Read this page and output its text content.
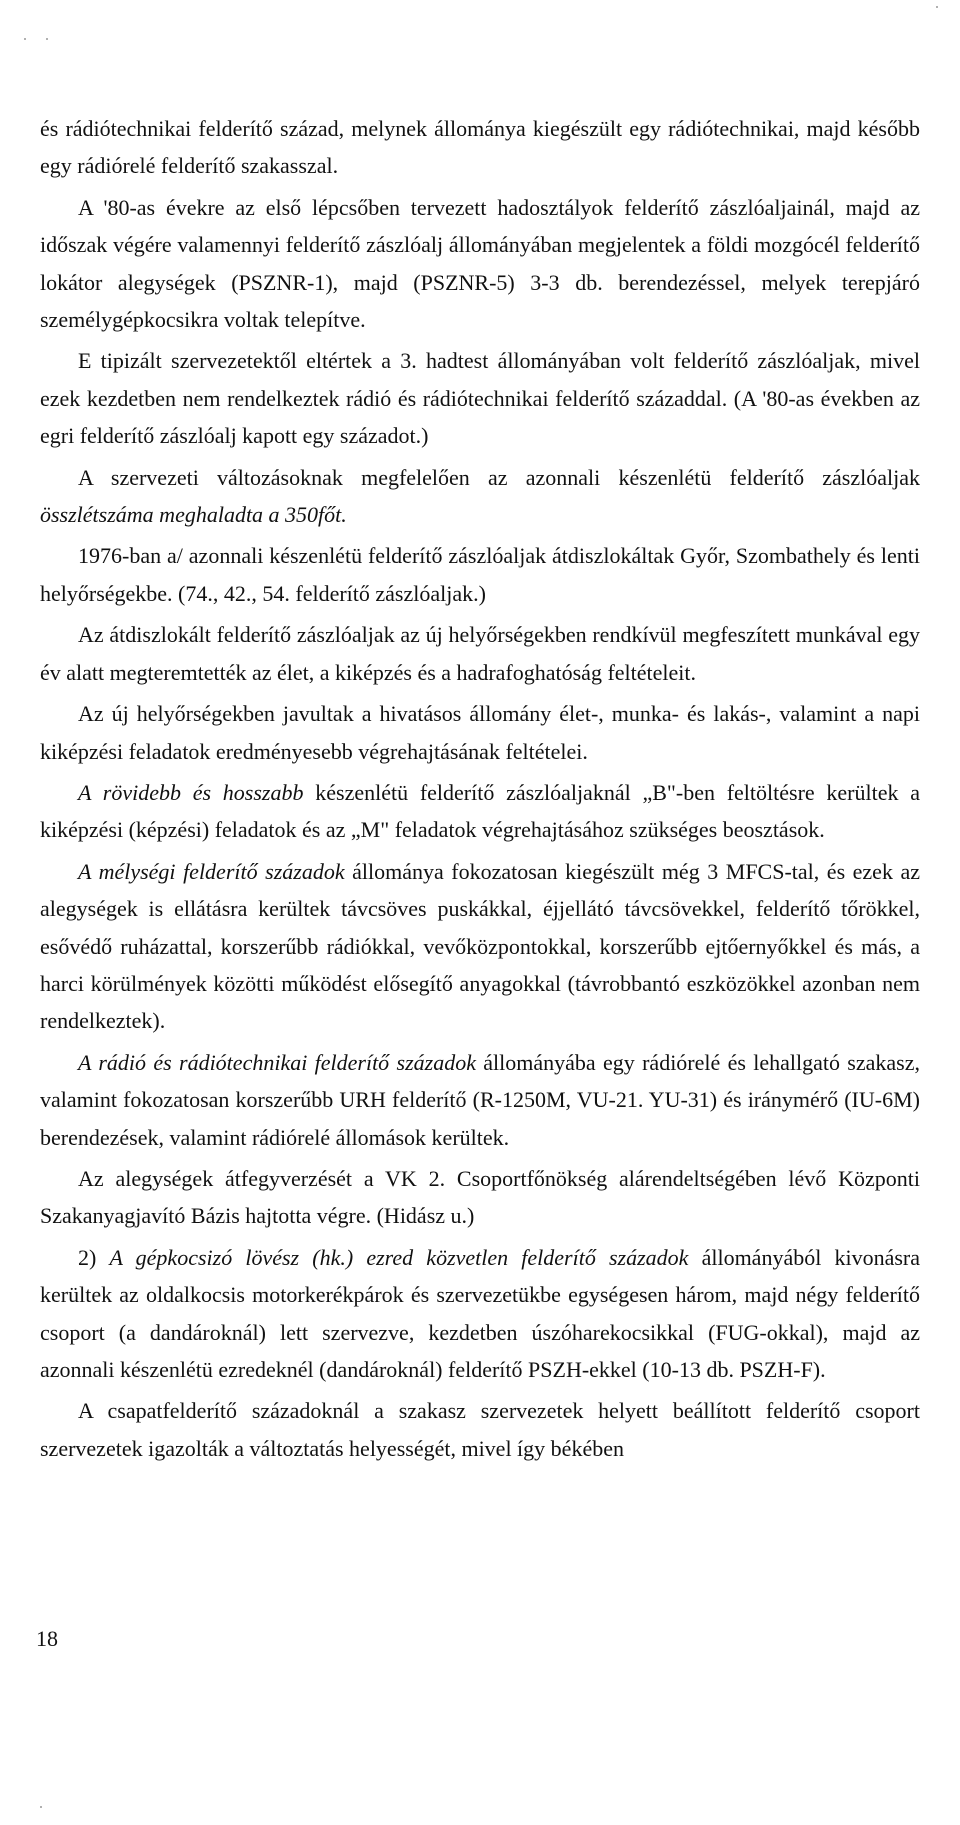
és rádiótechnikai felderítő század, melynek állománya kiegészült egy rádiótechnikai, majd később egy rádiórelé felderítő szakasszal.

A '80-as évekre az első lépcsőben tervezett hadosztályok felderítő zászlóaljainál, majd az időszak végére valamennyi felderítő zászlóalj állományában megjelentek a földi mozgócél felderítő lokátor alegységek (PSZNR-1), majd (PSZNR-5) 3-3 db. berendezéssel, melyek terepjáró személygépkocsikra voltak telepítve.

E tipizált szervezetektől eltértek a 3. hadtest állományában volt felderítő zászlóaljak, mivel ezek kezdetben nem rendelkeztek rádió és rádiótechnikai felderítő századdal. (A '80-as években az egri felderítő zászlóalj kapott egy századot.)

A szervezeti változásoknak megfelelően az azonnali készenlétü felderítő zászlóaljak összlétszáma meghaladta a 350főt.

1976-ban a/ azonnali készenlétü felderítő zászlóaljak átdiszlokáltak Győr, Szombathely és lenti helyőrségekbe. (74., 42., 54. felderítő zászlóaljak.)

Az átdiszlokált felderítő zászlóaljak az új helyőrségekben rendkívül megfeszített munkával egy év alatt megteremtették az élet, a kiképzés és a hadrafoghatóság feltételeit.

Az új helyőrségekben javultak a hivatásos állomány élet-, munka- és lakás-, valamint a napi kiképzési feladatok eredményesebb végrehajtásának feltételei.

A rövidebb és hosszabb készenlétü felderítő zászlóaljaknál „B"-ben feltöltésre kerültek a kiképzési (képzési) feladatok és az „M" feladatok végrehajtásához szükséges beosztások.

A mélységi felderítő századok állománya fokozatosan kiegészült még 3 MFCS-tal, és ezek az alegységek is ellátásra kerültek távcsöves puskákkal, éjjellátó távcsövekkel, felderítő tőrökkel, esővédő ruházattal, korszerűbb rádiókkal, vevőközpontokkal, korszerűbb ejtőernyőkkel és más, a harci körülmények közötti működést elősegítő anyagokkal (távrobbantó eszközökkel azonban nem rendelkeztek).

A rádió és rádiótechnikai felderítő századok állományába egy rádiórelé és lehallgató szakasz, valamint fokozatosan korszerűbb URH felderítő (R-1250M, VU-21. YU-31) és iránymérő (IU-6M) berendezések, valamint rádiórelé állomások kerültek.

Az alegységek átfegyverzését a VK 2. Csoportfőnökség alárendeltségében lévő Központi Szakanyagjavító Bázis hajtotta végre. (Hidász u.)

2) A gépkocsizó lövész (hk.) ezred közvetlen felderítő századok állományából kivonásra kerültek az oldalkocsis motorkerékpárok és szervezetükbe egységesen három, majd négy felderítő csoport (a dandároknál) lett szervezve, kezdetben úszóharekocsikkal (FUG-okkal), majd az azonnali készenlétü ezredeknél (dandároknál) felderítő PSZH-ekkel (10-13 db. PSZH-F).

A csapatfelderítő századoknál a szakasz szervezetek helyett beállított felderítő csoport szervezetek igazolták a változtatás helyességét, mivel így békében

18
